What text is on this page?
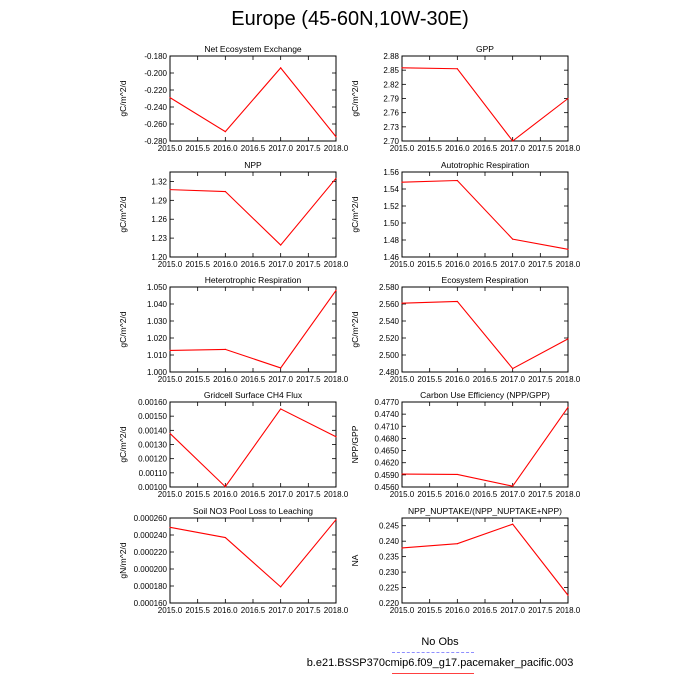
Europe (45-60N,10W-30E)
Net Ecosystem Exchange
-0.180
-0.200
-0.220
-0.240
-0.260
-0.280
2015.0 2015.5 2016.0 2016.5 2017.0 2017.5 2018.0
gC/m^2/d
GPP
2.88
2.85
2.82
2.79
2.76
2.73
2.70
2015.0 2015.5 2016.0 2016.5 2017.0 2017.5 2018.0
gC/m^2/d
NPP
1.32
1.29
1.26
1.23
1.20
2015.0 2015.5 2016.0 2016.5 2017.0 2017.5 2018.0
gC/m^2/d
Autotrophic Respiration
1.56
1.54
1.52
1.50
1.48
1.46
2015.0 2015.5 2016.0 2016.5 2017.0 2017.5 2018.0
gC/m^2/d
Heterotrophic Respiration
1.050
1.040
1.030
1.020
1.010
1.000
2015.0 2015.5 2016.0 2016.5 2017.0 2017.5 2018.0
gC/m^2/d
Ecosystem Respiration
2.580
2.560
2.540
2.520
2.500
2.480
2015.0 2015.5 2016.0 2016.5 2017.0 2017.5 2018.0
gC/m^2/d
Gridcell Surface CH4 Flux
0.00160
0.00150
0.00140
0.00130
0.00120
0.00110
0.00100
2015.0 2015.5 2016.0 2016.5 2017.0 2017.5 2018.0
gC/m^2/d
Carbon Use Efficiency (NPP/GPP)
0.4770
0.4740
0.4710
0.4680
0.4650
0.4620
0.4590
0.4560
2015.0 2015.5 2016.0 2016.5 2017.0 2017.5 2018.0
NPP/GPP
Soil NO3 Pool Loss to Leaching
0.000260
0.000240
0.000220
0.000200
0.000180
0.000160
2015.0 2015.5 2016.0 2016.5 2017.0 2017.5 2018.0
gN/m^2/d
NPP_NUPTAKE/(NPP_NUPTAKE+NPP)
0.245
0.240
0.235
0.230
0.225
0.220
2015.0 2015.5 2016.0 2016.5 2017.0 2017.5 2018.0
NA
No Obs
b.e21.BSSP370cmip6.f09_g17.pacemaker_pacific.003
